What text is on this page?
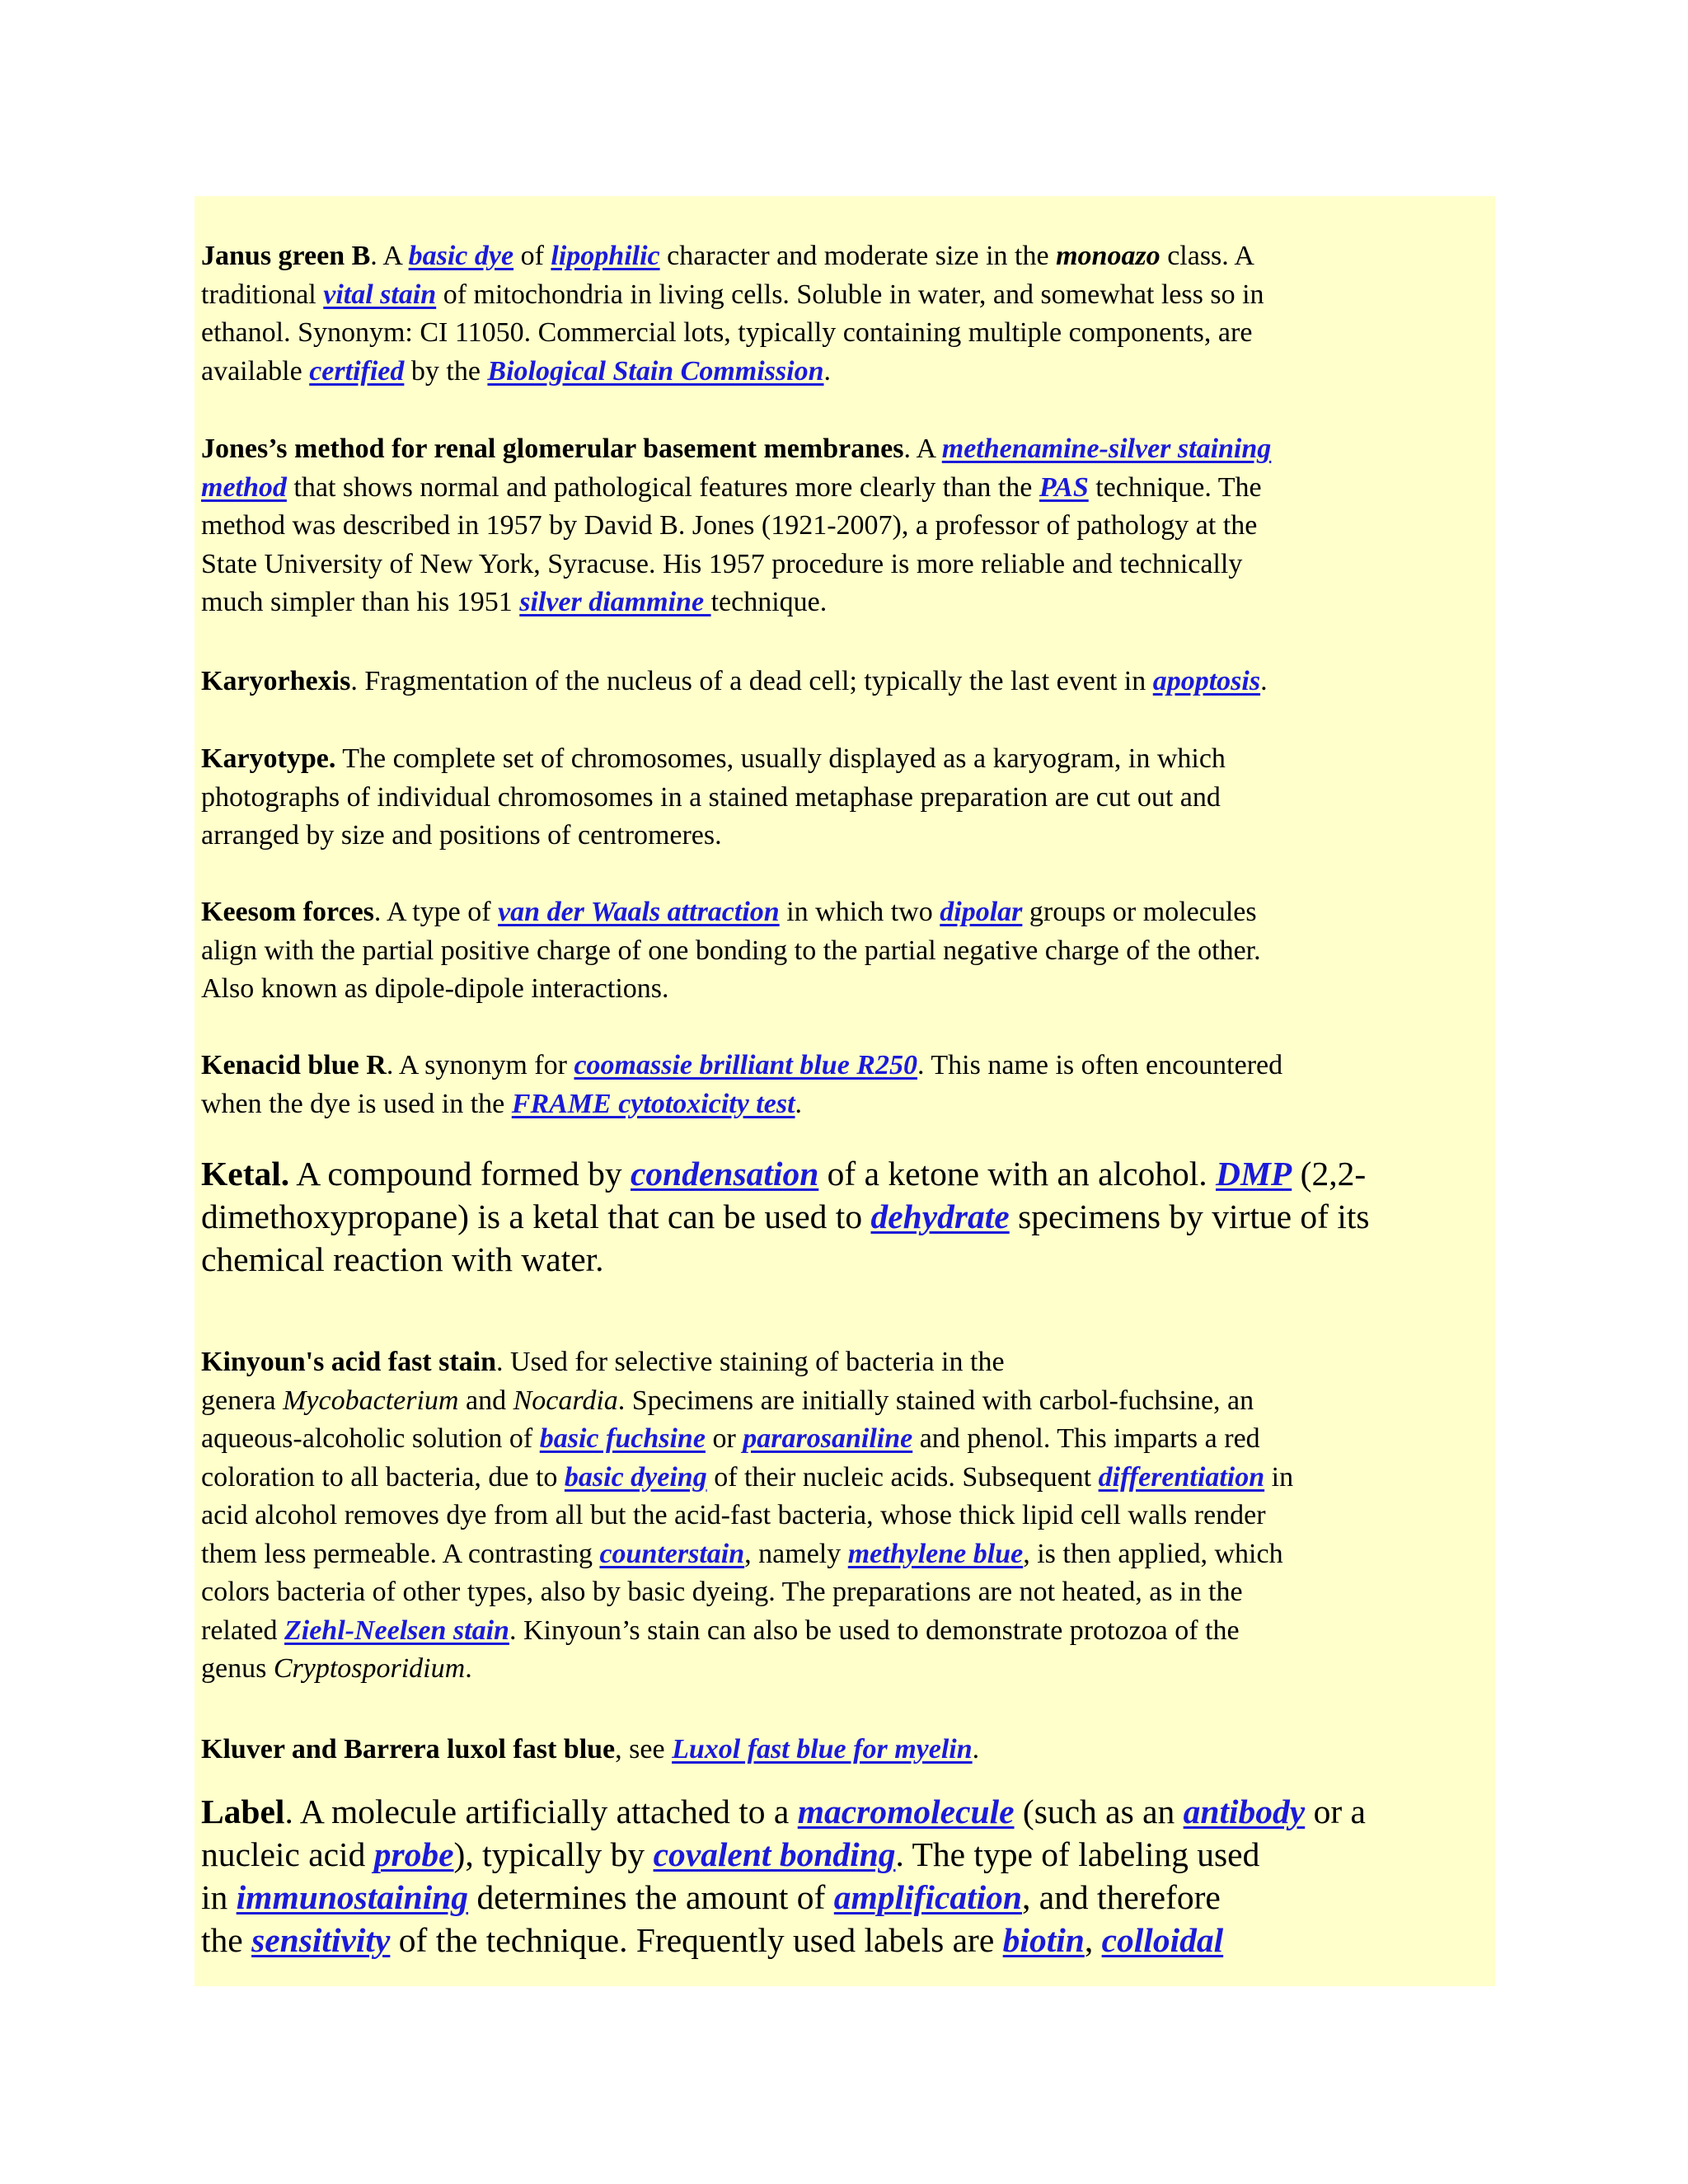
Janus green B. A basic dye of lipophilic character and moderate size in the monoazo class. A
traditional vital stain of mitochondria in living cells. Soluble in water, and somewhat less so in
ethanol. Synonym: CI 11050. Commercial lots, typically containing multiple components, are
available certified by the Biological Stain Commission.

Jones’s method for renal glomerular basement membranes. A methenamine-silver staining
method that shows normal and pathological features more clearly than the PAS technique. The
method was described in 1957 by David B. Jones (1921-2007), a professor of pathology at the
State University of New York, Syracuse. His 1957 procedure is more reliable and technically
much simpler than his 1951 silver diammine technique.

Karyorhexis. Fragmentation of the nucleus of a dead cell; typically the last event in apoptosis.

Karyotype. The complete set of chromosomes, usually displayed as a karyogram, in which
photographs of individual chromosomes in a stained metaphase preparation are cut out and
arranged by size and positions of centromeres.

Keesom forces. A type of van der Waals attraction in which two dipolar groups or molecules
align with the partial positive charge of one bonding to the partial negative charge of the other.
Also known as dipole-dipole interactions.

Kenacid blue R. A synonym for coomassie brilliant blue R250. This name is often encountered
when the dye is used in the FRAME cytotoxicity test.

Ketal. A compound formed by condensation of a ketone with an alcohol. DMP (2,2-
dimethoxypropane) is a ketal that can be used to dehydrate specimens by virtue of its
chemical reaction with water.

Kinyoun's acid fast stain. Used for selective staining of bacteria in the
genera Mycobacterium and Nocardia. Specimens are initially stained with carbol-fuchsine, an
aqueous-alcoholic solution of basic fuchsine or pararosaniline and phenol. This imparts a red
coloration to all bacteria, due to basic dyeing of their nucleic acids. Subsequent differentiation in
acid alcohol removes dye from all but the acid-fast bacteria, whose thick lipid cell walls render
them less permeable. A contrasting counterstain, namely methylene blue, is then applied, which
colors bacteria of other types, also by basic dyeing. The preparations are not heated, as in the
related Ziehl-Neelsen stain. Kinyoun’s stain can also be used to demonstrate protozoa of the
genus Cryptosporidium.

Kluver and Barrera luxol fast blue, see Luxol fast blue for myelin.

Label. A molecule artificially attached to a macromolecule (such as an antibody or a
nucleic acid probe), typically by covalent bonding. The type of labeling used
in immunostaining determines the amount of amplification, and therefore
the sensitivity of the technique. Frequently used labels are biotin, colloidal
